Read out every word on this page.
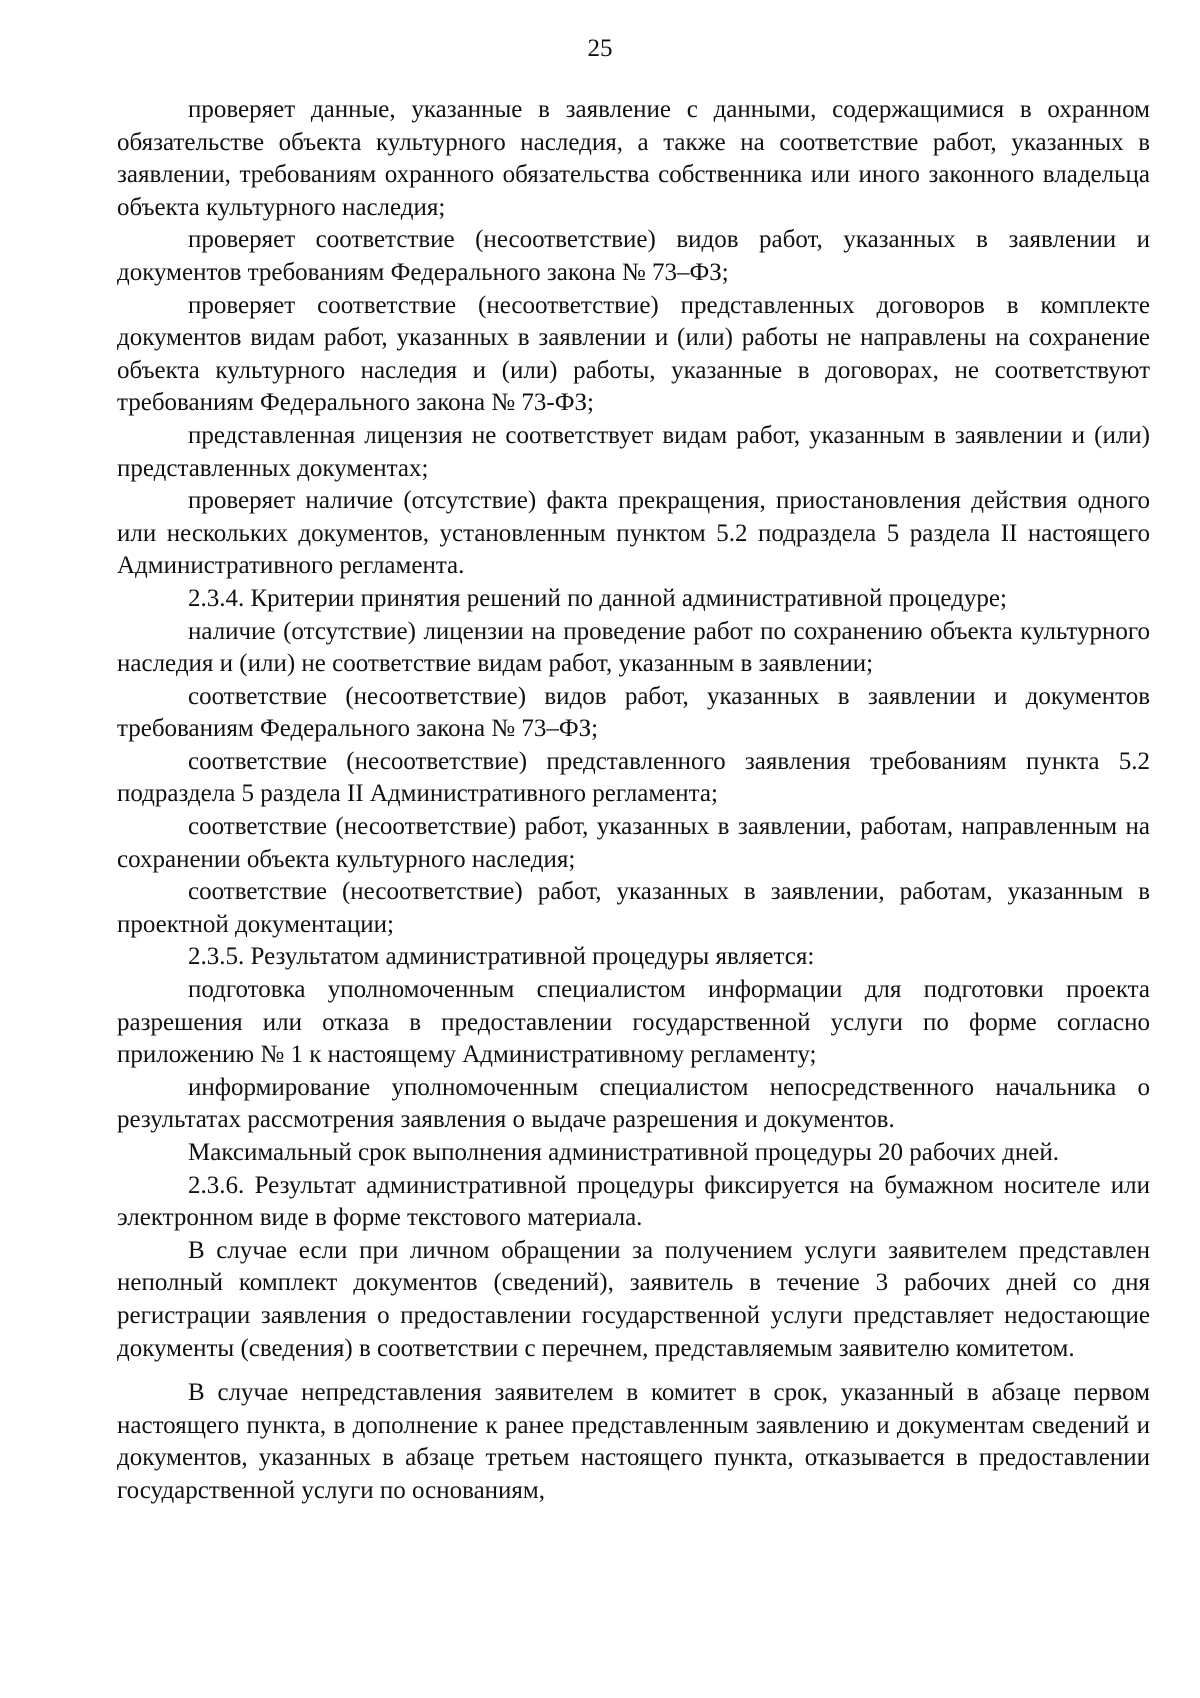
25

проверяет данные, указанные в заявление с данными, содержащимися в охранном обязательстве объекта культурного наследия, а также на соответствие работ, указанных в заявлении, требованиям охранного обязательства собственника или иного законного владельца объекта культурного наследия;

проверяет соответствие (несоответствие) видов работ, указанных в заявлении и документов требованиям Федерального закона № 73–ФЗ;

проверяет соответствие (несоответствие) представленных договоров в комплекте документов видам работ, указанных в заявлении и (или) работы не направлены на сохранение объекта культурного наследия и (или) работы, указанные в договорах, не соответствуют требованиям Федерального закона № 73-ФЗ;

представленная лицензия не соответствует видам работ, указанным в заявлении и (или) представленных документах;

проверяет наличие (отсутствие) факта прекращения, приостановления действия одного или нескольких документов, установленным пунктом 5.2 подраздела 5 раздела II настоящего Административного регламента.

2.3.4. Критерии принятия решений по данной административной процедуре;

наличие (отсутствие) лицензии на проведение работ по сохранению объекта культурного наследия и (или) не соответствие видам работ, указанным в заявлении;

соответствие (несоответствие) видов работ, указанных в заявлении и документов требованиям Федерального закона № 73–ФЗ;

соответствие (несоответствие) представленного заявления требованиям пункта 5.2 подраздела 5 раздела II Административного регламента;

соответствие (несоответствие) работ, указанных в заявлении, работам, направленным на сохранении объекта культурного наследия;

соответствие (несоответствие) работ, указанных в заявлении, работам, указанным в проектной документации;

2.3.5. Результатом административной процедуры является:

подготовка уполномоченным специалистом информации для подготовки проекта разрешения или отказа в предоставлении государственной услуги по форме согласно приложению № 1 к настоящему Административному регламенту;

информирование уполномоченным специалистом непосредственного начальника о результатах рассмотрения заявления о выдаче разрешения и документов.

Максимальный срок выполнения административной процедуры 20 рабочих дней.

2.3.6. Результат административной процедуры фиксируется на бумажном носителе или электронном виде в форме текстового материала.

В случае если при личном обращении за получением услуги заявителем представлен неполный комплект документов (сведений), заявитель в течение 3 рабочих дней со дня регистрации заявления о предоставлении государственной услуги представляет недостающие документы (сведения) в соответствии с перечнем, представляемым заявителю комитетом.

В случае непредставления заявителем в комитет в срок, указанный в абзаце первом настоящего пункта, в дополнение к ранее представленным заявлению и документам сведений и документов, указанных в абзаце третьем настоящего пункта, отказывается в предоставлении государственной услуги по основаниям,
